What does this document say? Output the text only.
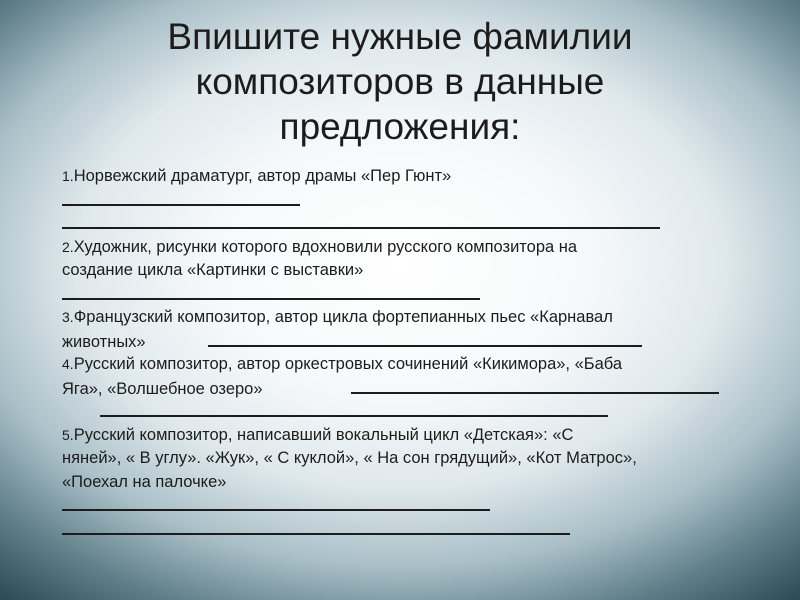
Впишите нужные фамилии
композиторов в данные
предложения:
1.Норвежский драматург, автор драмы «Пер Гюнт»
2.Художник, рисунки которого вдохновили русского композитора на
создание цикла «Картинки с выставки»
3.Французский композитор, автор цикла фортепианных пьес «Карнавал
животных»
4.Русский композитор, автор оркестровых сочинений «Кикимора», «Баба
Яга», «Волшебное озеро»
5.Русский композитор, написавший вокальный цикл «Детская»: «С
няней», « В углу». «Жук», « С куклой», « На сон грядущий», «Кот Матрос»,
«Поехал на палочке»
